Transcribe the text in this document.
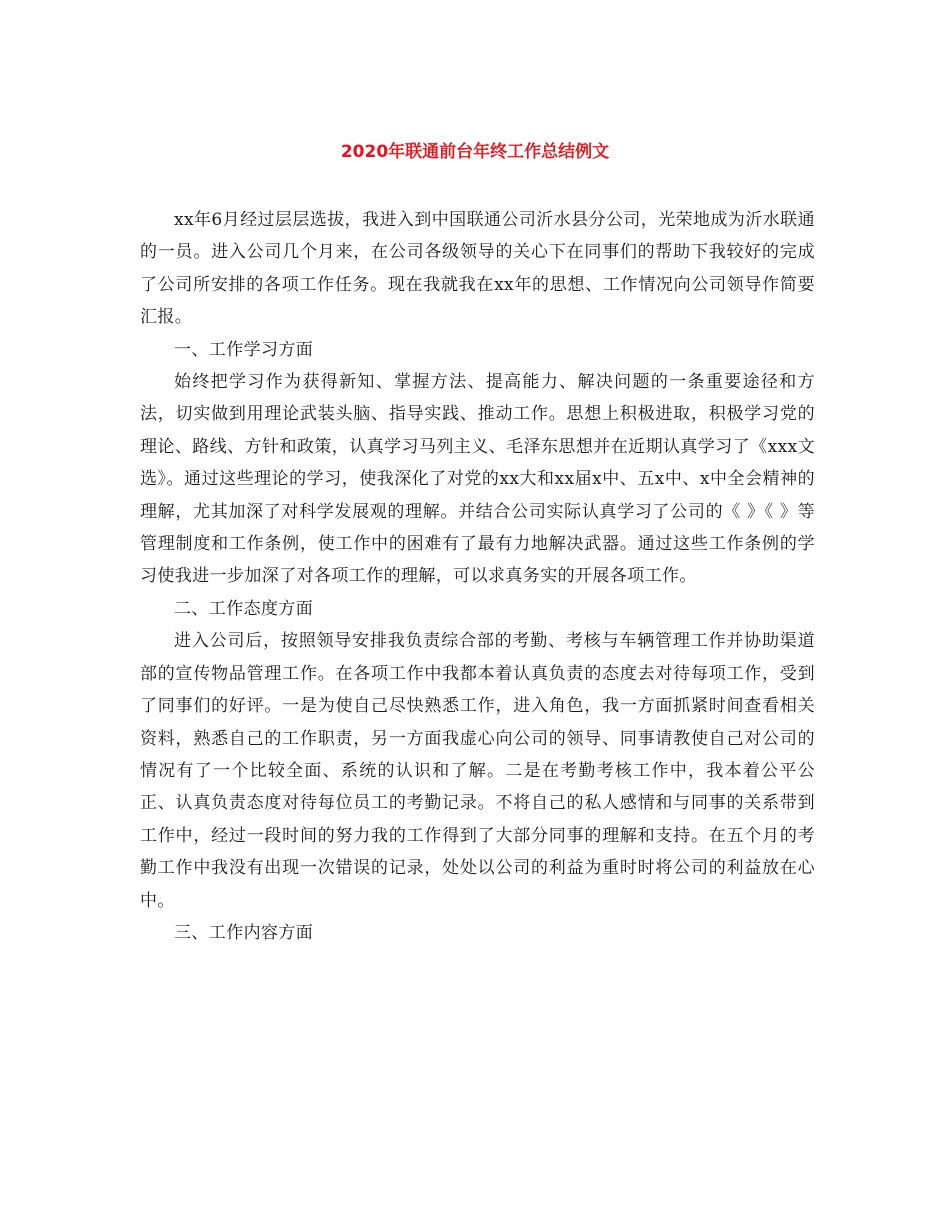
2020年联通前台年终工作总结例文

xx年6月经过层层选拔，我进入到中国联通公司沂水县分公司，光荣地成为沂水联通的一员。进入公司几个月来，在公司各级领导的关心下在同事们的帮助下我较好的完成了公司所安排的各项工作任务。现在我就我在xx年的思想、工作情况向公司领导作简要汇报。

一、工作学习方面

始终把学习作为获得新知、掌握方法、提高能力、解决问题的一条重要途径和方法，切实做到用理论武装头脑、指导实践、推动工作。思想上积极进取，积极学习党的理论、路线、方针和政策，认真学习马列主义、毛泽东思想并在近期认真学习了《xxx文选》。通过这些理论的学习，使我深化了对党的xx大和xx届x中、五x中、x中全会精神的理解，尤其加深了对科学发展观的理解。并结合公司实际认真学习了公司的《 》《 》等管理制度和工作条例，使工作中的困难有了最有力地解决武器。通过这些工作条例的学习使我进一步加深了对各项工作的理解，可以求真务实的开展各项工作。

二、工作态度方面

进入公司后，按照领导安排我负责综合部的考勤、考核与车辆管理工作并协助渠道部的宣传物品管理工作。在各项工作中我都本着认真负责的态度去对待每项工作，受到了同事们的好评。一是为使自己尽快熟悉工作，进入角色，我一方面抓紧时间查看相关资料，熟悉自己的工作职责，另一方面我虚心向公司的领导、同事请教使自己对公司的情况有了一个比较全面、系统的认识和了解。二是在考勤考核工作中，我本着公平公正、认真负责态度对待每位员工的考勤记录。不将自己的私人感情和与同事的关系带到工作中，经过一段时间的努力我的工作得到了大部分同事的理解和支持。在五个月的考勤工作中我没有出现一次错误的记录，处处以公司的利益为重时时将公司的利益放在心中。

三、工作内容方面
